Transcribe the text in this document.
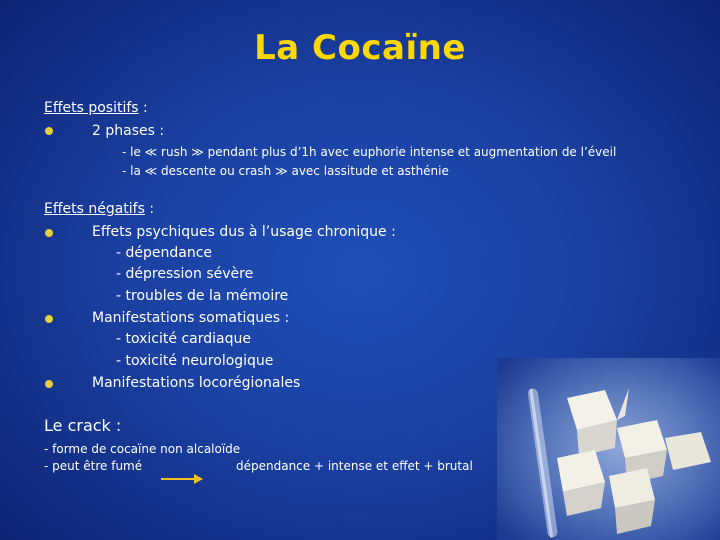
La Cocaïne
Effets positifs :
2 phases :
- le ≪ rush ≫ pendant plus d’1h avec euphorie intense et augmentation de l’éveil
- la ≪ descente ou crash ≫ avec lassitude et asthénie
Effets négatifs :
Effets psychiques dus à l’usage chronique :
- dépendance
- dépression sévère
- troubles de la mémoire
Manifestations somatiques :
- toxicité cardiaque
- toxicité neurologique
Manifestations locorégionales
Le crack :
- forme de cocaïne non alcaloïde
- peut être fumé	dépendance + intense et effet + brutal
